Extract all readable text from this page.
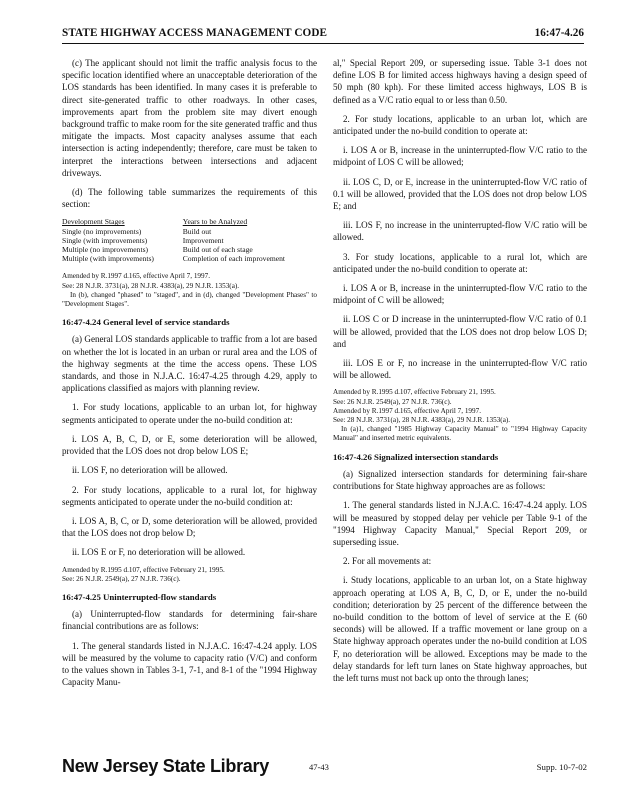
STATE HIGHWAY ACCESS MANAGEMENT CODE	16:47-4.26

(c) The applicant should not limit the traffic analysis focus to the specific location identified where an unacceptable deterioration of the LOS standards has been identified. In many cases it is preferable to direct site-generated traffic to other roadways. In other cases, improvements apart from the problem site may divert enough background traffic to make room for the site generated traffic and thus mitigate the impacts. Most capacity analyses assume that each intersection is acting independently; therefore, care must be taken to interpret the interactions between intersections and adjacent driveways.

(d) The following table summarizes the requirements of this section:

Development Stages	Years to be Analyzed
Single (no improvements)	Build out
Single (with improvements)	Improvement
Multiple (no improvements)	Build out of each stage
Multiple (with improvements)	Completion of each improvement
Amended by R.1997 d.165, effective April 7, 1997.
See: 28 N.J.R. 3731(a), 28 N.J.R. 4383(a), 29 N.J.R. 1353(a).
In (b), changed "phased" to "staged", and in (d), changed "Development Phases" to "Development Stages".
16:47-4.24 General level of service standards

(a) General LOS standards applicable to traffic from a lot are based on whether the lot is located in an urban or rural area and the LOS of the highway segments at the time the access opens. These LOS standards, and those in N.J.A.C. 16:47-4.25 through 4.29, apply to applications classified as majors with planning review.

1. For study locations, applicable to an urban lot, for highway segments anticipated to operate under the no-build condition at:

i. LOS A, B, C, D, or E, some deterioration will be allowed, provided that the LOS does not drop below LOS E;

ii. LOS F, no deterioration will be allowed.

2. For study locations, applicable to a rural lot, for highway segments anticipated to operate under the no-build condition at:

i. LOS A, B, C, or D, some deterioration will be allowed, provided that the LOS does not drop below D;

ii. LOS E or F, no deterioration will be allowed.

Amended by R.1995 d.107, effective February 21, 1995.
See: 26 N.J.R. 2549(a), 27 N.J.R. 736(c).
16:47-4.25 Uninterrupted-flow standards

(a) Uninterrupted-flow standards for determining fair-share financial contributions are as follows:

1. The general standards listed in N.J.A.C. 16:47-4.24 apply. LOS will be measured by the volume to capacity ratio (V/C) and conform to the values shown in Tables 3-1, 7-1, and 8-1 of the "1994 Highway Capacity Manu-

al," Special Report 209, or superseding issue. Table 3-1 does not define LOS B for limited access highways having a design speed of 50 mph (80 kph). For these limited access highways, LOS B is defined as a V/C ratio equal to or less than 0.50.

2. For study locations, applicable to an urban lot, which are anticipated under the no-build condition to operate at:

i. LOS A or B, increase in the uninterrupted-flow V/C ratio to the midpoint of LOS C will be allowed;

ii. LOS C, D, or E, increase in the uninterrupted-flow V/C ratio of 0.1 will be allowed, provided that the LOS does not drop below LOS E; and

iii. LOS F, no increase in the uninterrupted-flow V/C ratio will be allowed.

3. For study locations, applicable to a rural lot, which are anticipated under the no-build condition to operate at:

i. LOS A or B, increase in the uninterrupted-flow V/C ratio to the midpoint of C will be allowed;

ii. LOS C or D increase in the uninterrupted-flow V/C ratio of 0.1 will be allowed, provided that the LOS does not drop below LOS D; and

iii. LOS E or F, no increase in the uninterrupted-flow V/C ratio will be allowed.

Amended by R.1995 d.107, effective February 21, 1995.
See: 26 N.J.R. 2549(a), 27 N.J.R. 736(c).
Amended by R.1997 d.165, effective April 7, 1997.
See: 28 N.J.R. 3731(a), 28 N.J.R. 4383(a), 29 N.J.R. 1353(a).
In (a)1, changed "1985 Highway Capacity Manual" to "1994 Highway Capacity Manual" and inserted metric equivalents.
16:47-4.26 Signalized intersection standards

(a) Signalized intersection standards for determining fair-share contributions for State highway approaches are as follows:

1. The general standards listed in N.J.A.C. 16:47-4.24 apply. LOS will be measured by stopped delay per vehicle per Table 9-1 of the "1994 Highway Capacity Manual," Special Report 209, or superseding issue.

2. For all movements at:

i. Study locations, applicable to an urban lot, on a State highway approach operating at LOS A, B, C, D, or E, under the no-build condition; deterioration by 25 percent of the difference between the no-build condition to the bottom of level of service at the E (60 seconds) will be allowed. If a traffic movement or lane group on a State highway approach operates under the no-build condition at LOS F, no deterioration will be allowed. Exceptions may be made to the delay standards for left turn lanes on State highway approaches, but the left turns must not back up onto the through lanes;

New Jersey State Library	47-43	Supp. 10-7-02
